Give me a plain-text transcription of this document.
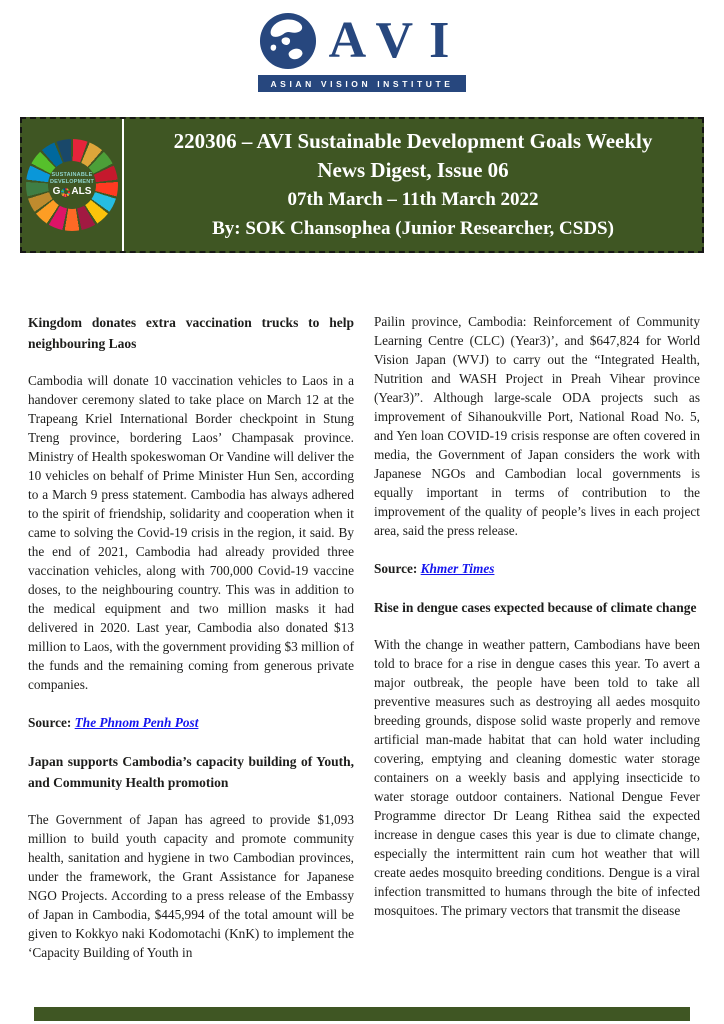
AVI
ASIAN VISION INSTITUTE
SUSTAINABLE
DEVELOPMENT
G ALS
220306 – AVI Sustainable Development Goals Weekly
News Digest, Issue 06
07th March – 11th March 2022
By: SOK Chansophea (Junior Researcher, CSDS)
Kingdom donates extra vaccination trucks to help neighbouring Laos

Cambodia will donate 10 vaccination vehicles to Laos in a handover ceremony slated to take place on March 12 at the Trapeang Kriel International Border checkpoint in Stung Treng province, bordering Laos’ Champasak province. Ministry of Health spokeswoman Or Vandine will deliver the 10 vehicles on behalf of Prime Minister Hun Sen, according to a March 9 press statement. Cambodia has always adhered to the spirit of friendship, solidarity and cooperation when it came to solving the Covid-19 crisis in the region, it said. By the end of 2021, Cambodia had already provided three vaccination vehicles, along with 700,000 Covid-19 vaccine doses, to the neighbouring country. This was in addition to the medical equipment and two million masks it had delivered in 2020. Last year, Cambodia also donated $13 million to Laos, with the government providing $3 million of the funds and the remaining coming from generous private companies.

Source: The Phnom Penh Post

Japan supports Cambodia’s capacity building of Youth, and Community Health promotion

The Government of Japan has agreed to provide $1,093 million to build youth capacity and promote community health, sanitation and hygiene in two Cambodian provinces, under the framework, the Grant Assistance for Japanese NGO Projects. According to a press release of the Embassy of Japan in Cambodia, $445,994 of the total amount will be given to Kokkyo naki Kodomotachi (KnK) to implement the ‘Capacity Building of Youth in

Pailin province, Cambodia: Reinforcement of Community Learning Centre (CLC) (Year3)’, and $647,824 for World Vision Japan (WVJ) to carry out the “Integrated Health, Nutrition and WASH Project in Preah Vihear province (Year3)”. Although large-scale ODA projects such as improvement of Sihanoukville Port, National Road No. 5, and Yen loan COVID-19 crisis response are often covered in media, the Government of Japan considers the work with Japanese NGOs and Cambodian local governments is equally important in terms of contribution to the improvement of the quality of people’s lives in each project area, said the press release.

Source: Khmer Times

Rise in dengue cases expected because of climate change

With the change in weather pattern, Cambodians have been told to brace for a rise in dengue cases this year. To avert a major outbreak, the people have been told to take all preventive measures such as destroying all aedes mosquito breeding grounds, dispose solid waste properly and remove artificial man-made habitat that can hold water including covering, emptying and cleaning domestic water storage containers on a weekly basis and applying insecticide to water storage outdoor containers. National Dengue Fever Programme director Dr Leang Rithea said the expected increase in dengue cases this year is due to climate change, especially the intermittent rain cum hot weather that will create aedes mosquito breeding conditions. Dengue is a viral infection transmitted to humans through the bite of infected mosquitoes. The primary vectors that transmit the disease
